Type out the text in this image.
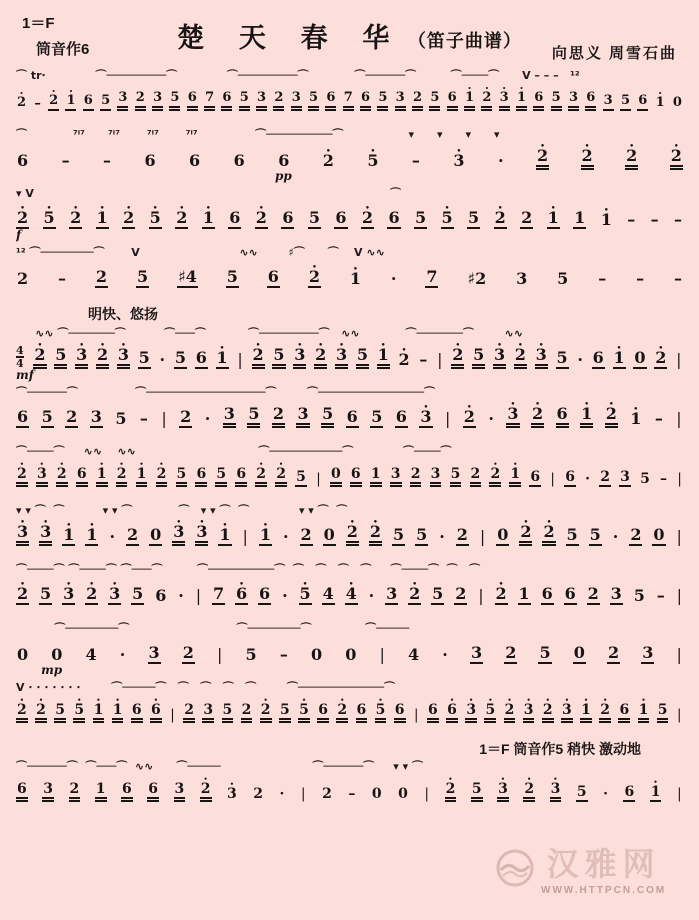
1＝F
筒音作6	楚 天 春 华 （笛子曲谱）
向思义 周雪石曲
⌒ tr∙             ⌒─────────⌒             ⌒─────────⌒            ⌒──────⌒         ⌒────⌒      V – – –   ¹²
• 2 – • 2 • 1 6 5 3 2 3 5 6 7 6 5 3 2 3 5 6 7 6 5 3 2 5 6 • 1 • 2 • 3 • 1 6 5 3 6 3 5 6 • 1 0
⌒            ⁷ⁱ⁷      ⁷ⁱ⁷       ⁷ⁱ⁷       ⁷ⁱ⁷               ⌒──────────⌒                 ▾      ▾      ▾      ▾
6 – – 6 6 6 6 • 2 • 5 – • 3 · • 2 • 2 • 2 • 2
pp
▾ V                                                                                             ⌒
• 2 • 5 • 2 • 1 • 2 • 5 • 2 • 1 6 • 2 6 5 6 • 2 6 5 • 5 5 • 2 2 • 1 1 • 1 – – –
f
¹² ⌒────────⌒       V                          ∿∿        ♯⌒      ⌒    V ∿∿
2 – 2 5 ♯4 5 6 • 2 • 1 · 7 ♯2 3 5 – – –
明快、悠扬
∿∿ ⌒───────⌒          ⌒───⌒           ⌒─────────⌒   ∿∿            ⌒───────⌒        ∿∿
4
4 • 2 5 • 3 • 2 • 3 5 · 5 6 • 1 | • 2 5 • 3 • 2 • 3 5 • 1 • 2 – | • 2 5 • 3 • 2 • 3 5 · 6 • 1 0 • 2 |
mf
⌒──────⌒               ⌒──────────────────⌒        ⌒────────────────⌒
6 5 2 3 5 – | 2 · 3 5 2 3 5 6 5 6 • 3 | • 2 · • 3 • 2 6 • 1 • 2 • 1 – |
⌒────⌒     ∿∿    ∿∿                                ⌒───────────⌒             ⌒────⌒
• 2 • 3 • 2 6 • 1 • 2 • 1 • 2 5 6 5 6 • 2 • 2 5 | 0 6 1 3 2 3 5 2 • 2 • 1 6 | 6 · 2 3 5 – |
▾ ▾ ⌒  ⌒          ▾ ▾ ⌒            ⌒   ▾ ▾ ⌒  ⌒             ▾ ▾ ⌒  ⌒
• 3 • 3 • 1 • 1 · 2 0 • 3 • 3 • 1 | • 1 · 2 0 • 2 • 2 5 5 · 2 | 0 • 2 • 2 5 5 · 2 0 |
⌒────⌒ ⌒────⌒ ⌒───⌒         ⌒──────────⌒  ⌒   ⌒   ⌒   ⌒     ⌒────⌒  ⌒   ⌒
• 2 5 • 3 • 2 • 3 5 6 · | 7 • 6 6 · • 5 4 • 4 · 3 • 2 5 2 | • 2 1 6 6 2 3 5 – |
⌒────────⌒                            ⌒────────⌒              ⌒─────
0 0 4 · 3 2 | 5 – 0 0 | 4 · 3 2 5 0 2 3 |
mp
V ∙ ∙ ∙ ∙ ∙ ∙ ∙        ⌒─────⌒   ⌒   ⌒   ⌒   ⌒        ⌒─────────────⌒
• 2 • 2 5 • 5 • 1 • 1 6 • 6 | 2 3 5 2 • 2 5 • 5 6 • 2 6 • 5 6 | 6 • 6 • 3 • 5 • 2 • 3 • 2 • 3 • 1 • 2 6 • 1 5 |
1＝F 筒音作5 稍快 激动地
⌒──────⌒  ⌒───⌒  ∿∿      ⌒─────                        ⌒──────⌒     ▾ ▾ ⌒
6 3 2 1 6 6 3 • 2 • 3 2 · | 2 – 0 0 | • 2 5 • 3 • 2 • 3 5 · 6 • 1 |
汉雅网
WWW.HTTPCN.COM
